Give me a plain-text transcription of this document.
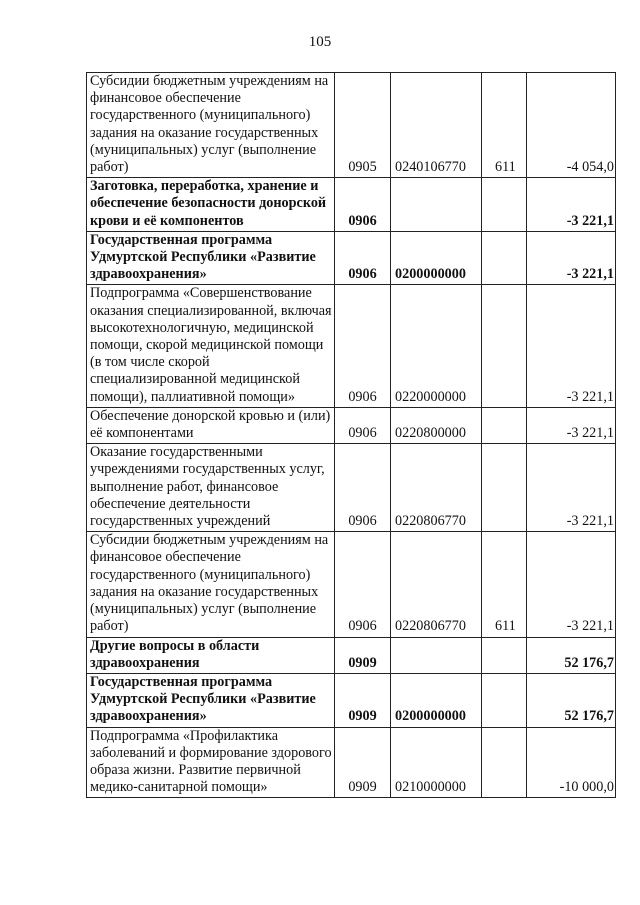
105
Субсидии бюджетным учреждениям на финансовое обеспечение государственного (муниципального) задания на оказание государственных (муниципальных) услуг (выполнение работ)	0905	0240106770	611	-4 054,0
Заготовка, переработка, хранение и обеспечение безопасности донорской крови и её компонентов	0906			-3 221,1
Государственная программа Удмуртской Республики «Развитие здравоохранения»	0906	0200000000		-3 221,1
Подпрограмма «Совершенствование оказания специализированной, включая высокотехнологичную, медицинской помощи, скорой медицинской помощи (в том числе скорой специализированной медицинской помощи), паллиативной помощи»	0906	0220000000		-3 221,1
Обеспечение донорской кровью и (или) её компонентами	0906	0220800000		-3 221,1
Оказание государственными учреждениями государственных услуг, выполнение работ, финансовое обеспечение деятельности государственных учреждений	0906	0220806770		-3 221,1
Субсидии бюджетным учреждениям на финансовое обеспечение государственного (муниципального) задания на оказание государственных (муниципальных) услуг (выполнение работ)	0906	0220806770	611	-3 221,1
Другие вопросы в области здравоохранения	0909			52 176,7
Государственная программа Удмуртской Республики «Развитие здравоохранения»	0909	0200000000		52 176,7
Подпрограмма «Профилактика заболеваний и формирование здорового образа жизни. Развитие первичной медико-санитарной помощи»	0909	0210000000		-10 000,0
